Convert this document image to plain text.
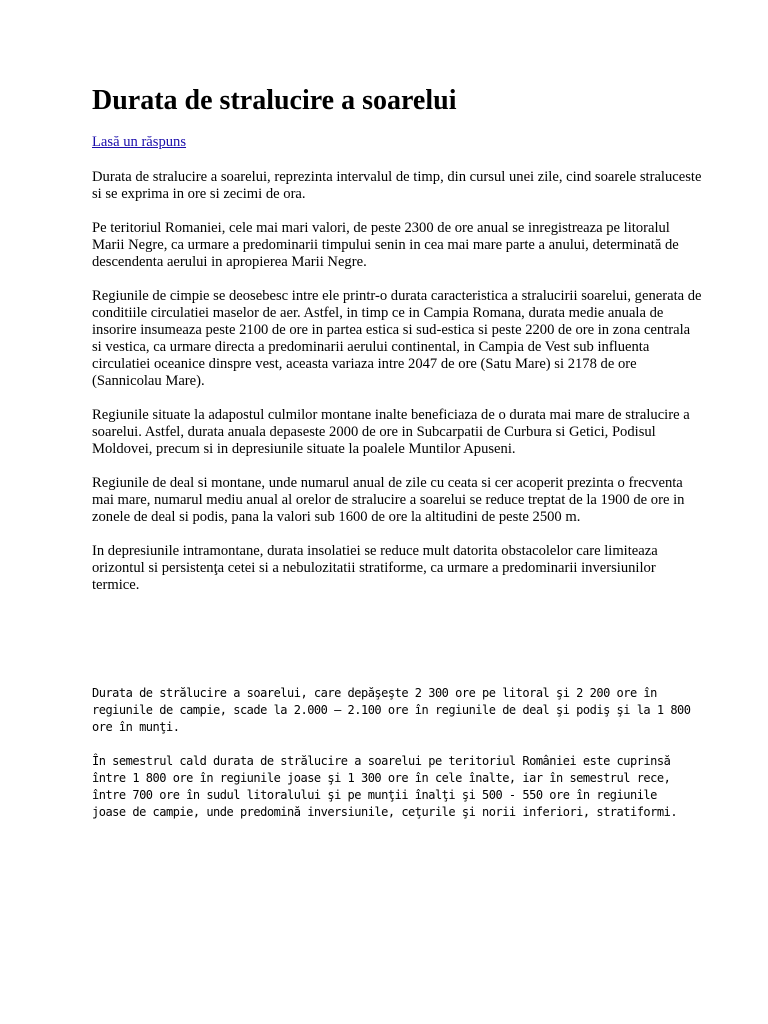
Durata de stralucire a soarelui
Lasă un răspuns

Durata de stralucire a soarelui, reprezinta intervalul de timp, din cursul unei zile, cind soarele straluceste si se exprima in ore si zecimi de ora.

Pe teritoriul Romaniei, cele mai mari valori, de peste 2300 de ore anual se inregistreaza pe litoralul Marii Negre, ca urmare a predominarii timpului senin in cea mai mare parte a anului, determinată de descendenta aerului in apropierea Marii Negre.

Regiunile de cimpie se deosebesc intre ele printr-o durata caracteristica a stralucirii soarelui, generata de conditiile circulatiei maselor de aer. Astfel, in timp ce in Campia Romana, durata medie anuala de insorire insumeaza peste 2100 de ore in partea estica si sud-estica si peste 2200 de ore in zona centrala si vestica, ca urmare directa a predominarii aerului continental, in Campia de Vest sub influenta circulatiei oceanice dinspre vest, aceasta variaza intre 2047 de ore (Satu Mare) si 2178 de ore (Sannicolau Mare).

Regiunile situate la adapostul culmilor montane inalte beneficiaza de o durata mai mare de stralucire a soarelui. Astfel, durata anuala depaseste 2000 de ore in Subcarpatii de Curbura si Getici, Podisul Moldovei, precum si in depresiunile situate la poalele Muntilor Apuseni.

Regiunile de deal si montane, unde numarul anual de zile cu ceata si cer acoperit prezinta o frecventa mai mare, numarul mediu anual al orelor de stralucire a soarelui se reduce treptat de la 1900 de ore in zonele de deal si podis, pana la valori sub 1600 de ore la altitudini de peste 2500 m.

In depresiunile intramontane, durata insolatiei se reduce mult datorita obstacolelor care limiteaza orizontul si persistenţa cetei si a nebulozitatii stratiforme, ca urmare a predominarii inversiunilor termice.

Durata de strălucire a soarelui, care depăşeşte 2 300 ore pe litoral şi 2 200 ore în regiunile de campie, scade la 2.000 — 2.100 ore în regiunile de deal şi podiş şi la 1 800 ore în munţi.

În semestrul cald durata de strălucire a soarelui pe teritoriul României este cuprinsă între 1 800 ore în regiunile joase şi 1 300 ore în cele înalte, iar în semestrul rece, între 700 ore în sudul litoralului şi pe munţii înalţi şi 500 - 550 ore în regiunile joase de campie, unde predomină inversiunile, ceţurile şi norii inferiori, stratiformi.
